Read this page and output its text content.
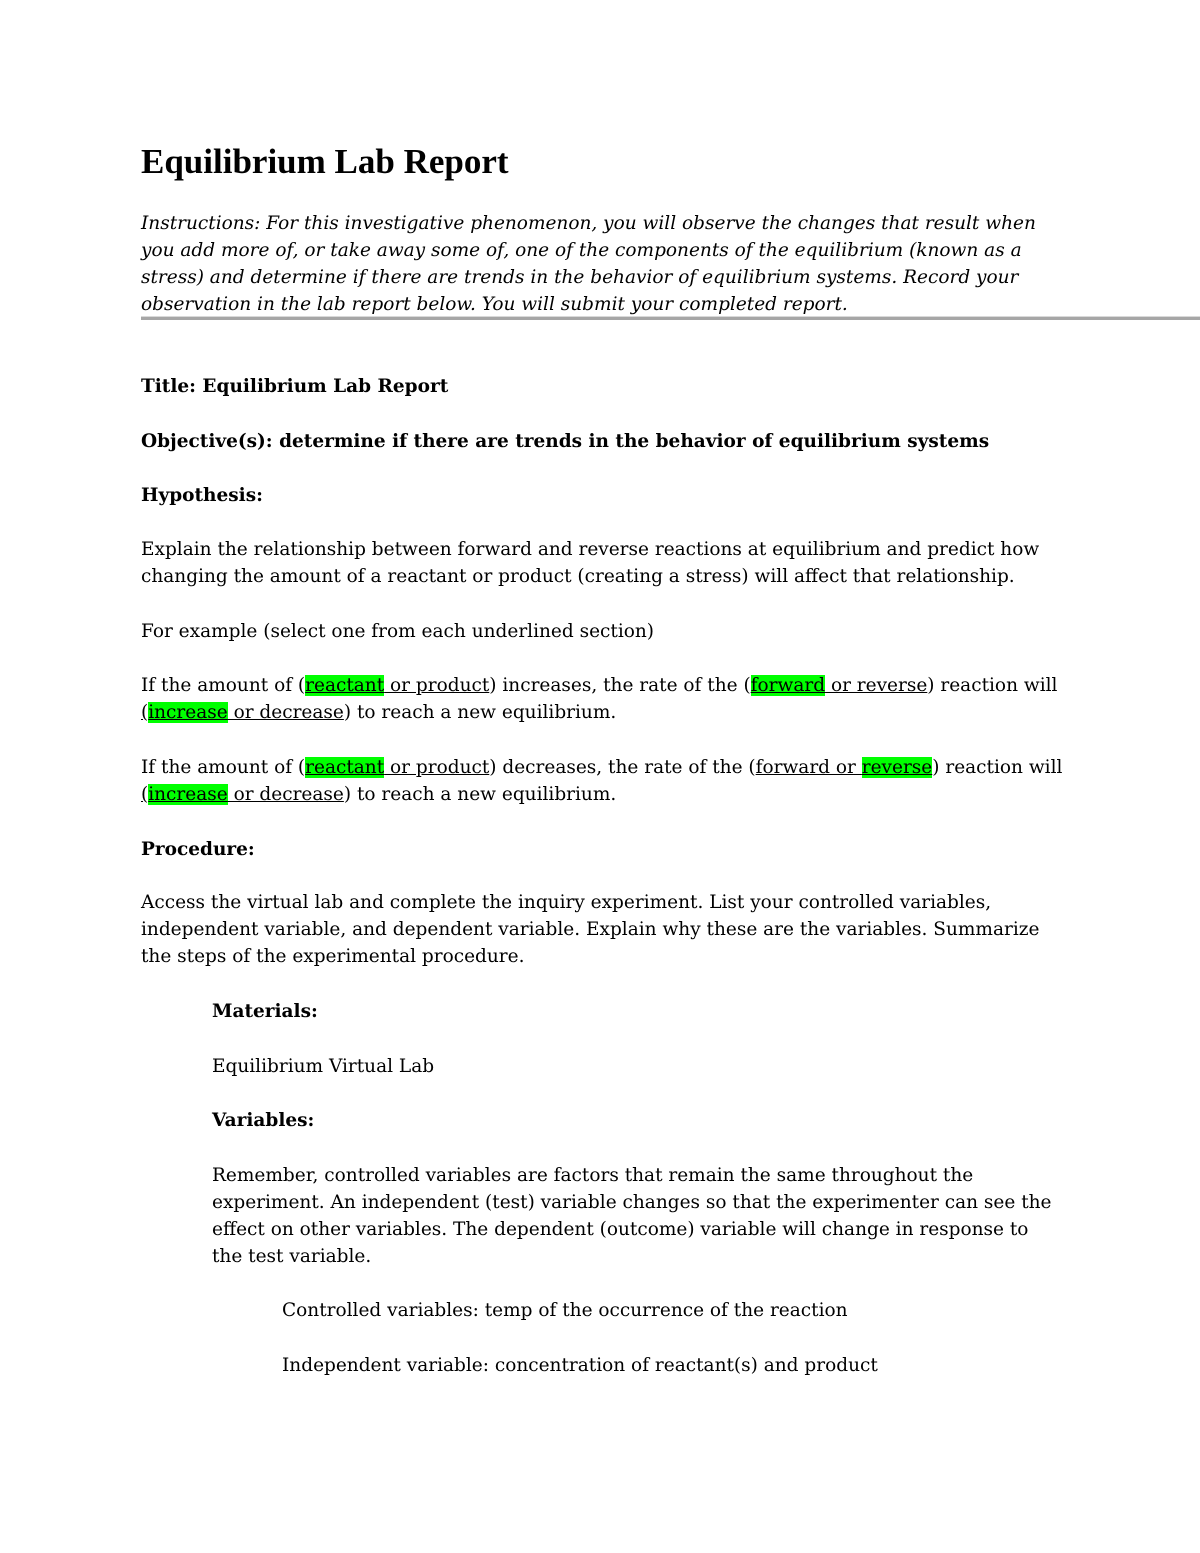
Equilibrium Lab Report
Instructions: For this investigative phenomenon, you will observe the changes that result when
you add more of, or take away some of, one of the components of the equilibrium (known as a
stress) and determine if there are trends in the behavior of equilibrium systems. Record your
observation in the lab report below. You will submit your completed report.
Title: Equilibrium Lab Report
Objective(s): determine if there are trends in the behavior of equilibrium systems
Hypothesis:
Explain the relationship between forward and reverse reactions at equilibrium and predict how
changing the amount of a reactant or product (creating a stress) will affect that relationship.
For example (select one from each underlined section)
If the amount of (reactant or product) increases, the rate of the (forward or reverse) reaction will
(increase or decrease) to reach a new equilibrium.
If the amount of (reactant or product) decreases, the rate of the (forward or reverse) reaction will
(increase or decrease) to reach a new equilibrium.
Procedure:
Access the virtual lab and complete the inquiry experiment. List your controlled variables,
independent variable, and dependent variable. Explain why these are the variables. Summarize
the steps of the experimental procedure.
Materials:
Equilibrium Virtual Lab
Variables:
Remember, controlled variables are factors that remain the same throughout the
experiment. An independent (test) variable changes so that the experimenter can see the
effect on other variables. The dependent (outcome) variable will change in response to
the test variable.
Controlled variables: temp of the occurrence of the reaction
Independent variable: concentration of reactant(s) and product
